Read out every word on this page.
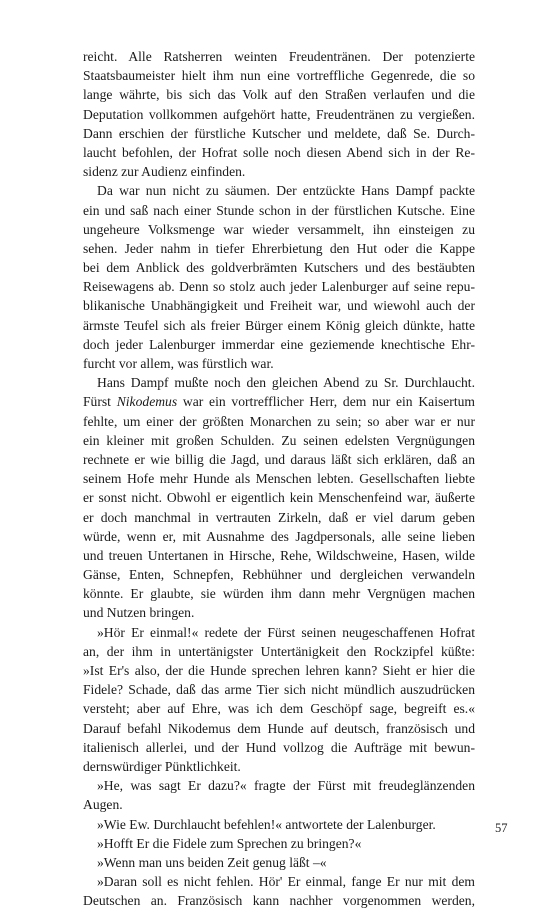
reicht. Alle Ratsherren weinten Freudentränen. Der potenzierte
Staatsbaumeister hielt ihm nun eine vortreffliche Gegenrede, die so
lange währte, bis sich das Volk auf den Straßen verlaufen und die
Deputation vollkommen aufgehört hatte, Freudentränen zu vergießen.
Dann erschien der fürstliche Kutscher und meldete, daß Se. Durch-
laucht befohlen, der Hofrat solle noch diesen Abend sich in der Re-
sidenz zur Audienz einfinden.
Da war nun nicht zu säumen. Der entzückte Hans Dampf packte
ein und saß nach einer Stunde schon in der fürstlichen Kutsche. Eine
ungeheure Volksmenge war wieder versammelt, ihn einsteigen zu
sehen. Jeder nahm in tiefer Ehrerbietung den Hut oder die Kappe
bei dem Anblick des goldverbrämten Kutschers und des bestäubten
Reisewagens ab. Denn so stolz auch jeder Lalenburger auf seine repu-
blikanische Unabhängigkeit und Freiheit war, und wiewohl auch der
ärmste Teufel sich als freier Bürger einem König gleich dünkte, hatte
doch jeder Lalenburger immerdar eine geziemende knechtische Ehr-
furcht vor allem, was fürstlich war.
Hans Dampf mußte noch den gleichen Abend zu Sr. Durchlaucht.
Fürst Nikodemus war ein vortrefflicher Herr, dem nur ein Kaisertum
fehlte, um einer der größten Monarchen zu sein; so aber war er nur
ein kleiner mit großen Schulden. Zu seinen edelsten Vergnügungen
rechnete er wie billig die Jagd, und daraus läßt sich erklären, daß an
seinem Hofe mehr Hunde als Menschen lebten. Gesellschaften liebte
er sonst nicht. Obwohl er eigentlich kein Menschenfeind war, äußerte
er doch manchmal in vertrauten Zirkeln, daß er viel darum geben
würde, wenn er, mit Ausnahme des Jagdpersonals, alle seine lieben
und treuen Untertanen in Hirsche, Rehe, Wildschweine, Hasen, wilde
Gänse, Enten, Schnepfen, Rebhühner und dergleichen verwandeln
könnte. Er glaubte, sie würden ihm dann mehr Vergnügen machen
und Nutzen bringen.
»Hör Er einmal!« redete der Fürst seinen neugeschaffenen Hofrat
an, der ihm in untertänigster Untertänigkeit den Rockzipfel küßte:
»Ist Er's also, der die Hunde sprechen lehren kann? Sieht er hier die
Fidele? Schade, daß das arme Tier sich nicht mündlich auszudrücken
versteht; aber auf Ehre, was ich dem Geschöpf sage, begreift es.«
Darauf befahl Nikodemus dem Hunde auf deutsch, französisch und
italienisch allerlei, und der Hund vollzog die Aufträge mit bewun-
dernswürdiger Pünktlichkeit.
»He, was sagt Er dazu?« fragte der Fürst mit freudeglänzenden
Augen.
»Wie Ew. Durchlaucht befehlen!« antwortete der Lalenburger.
»Hofft Er die Fidele zum Sprechen zu bringen?«
»Wenn man uns beiden Zeit genug läßt –«
»Daran soll es nicht fehlen. Hör' Er einmal, fange Er nur mit dem
Deutschen an. Französisch kann nachher vorgenommen werden,
57
